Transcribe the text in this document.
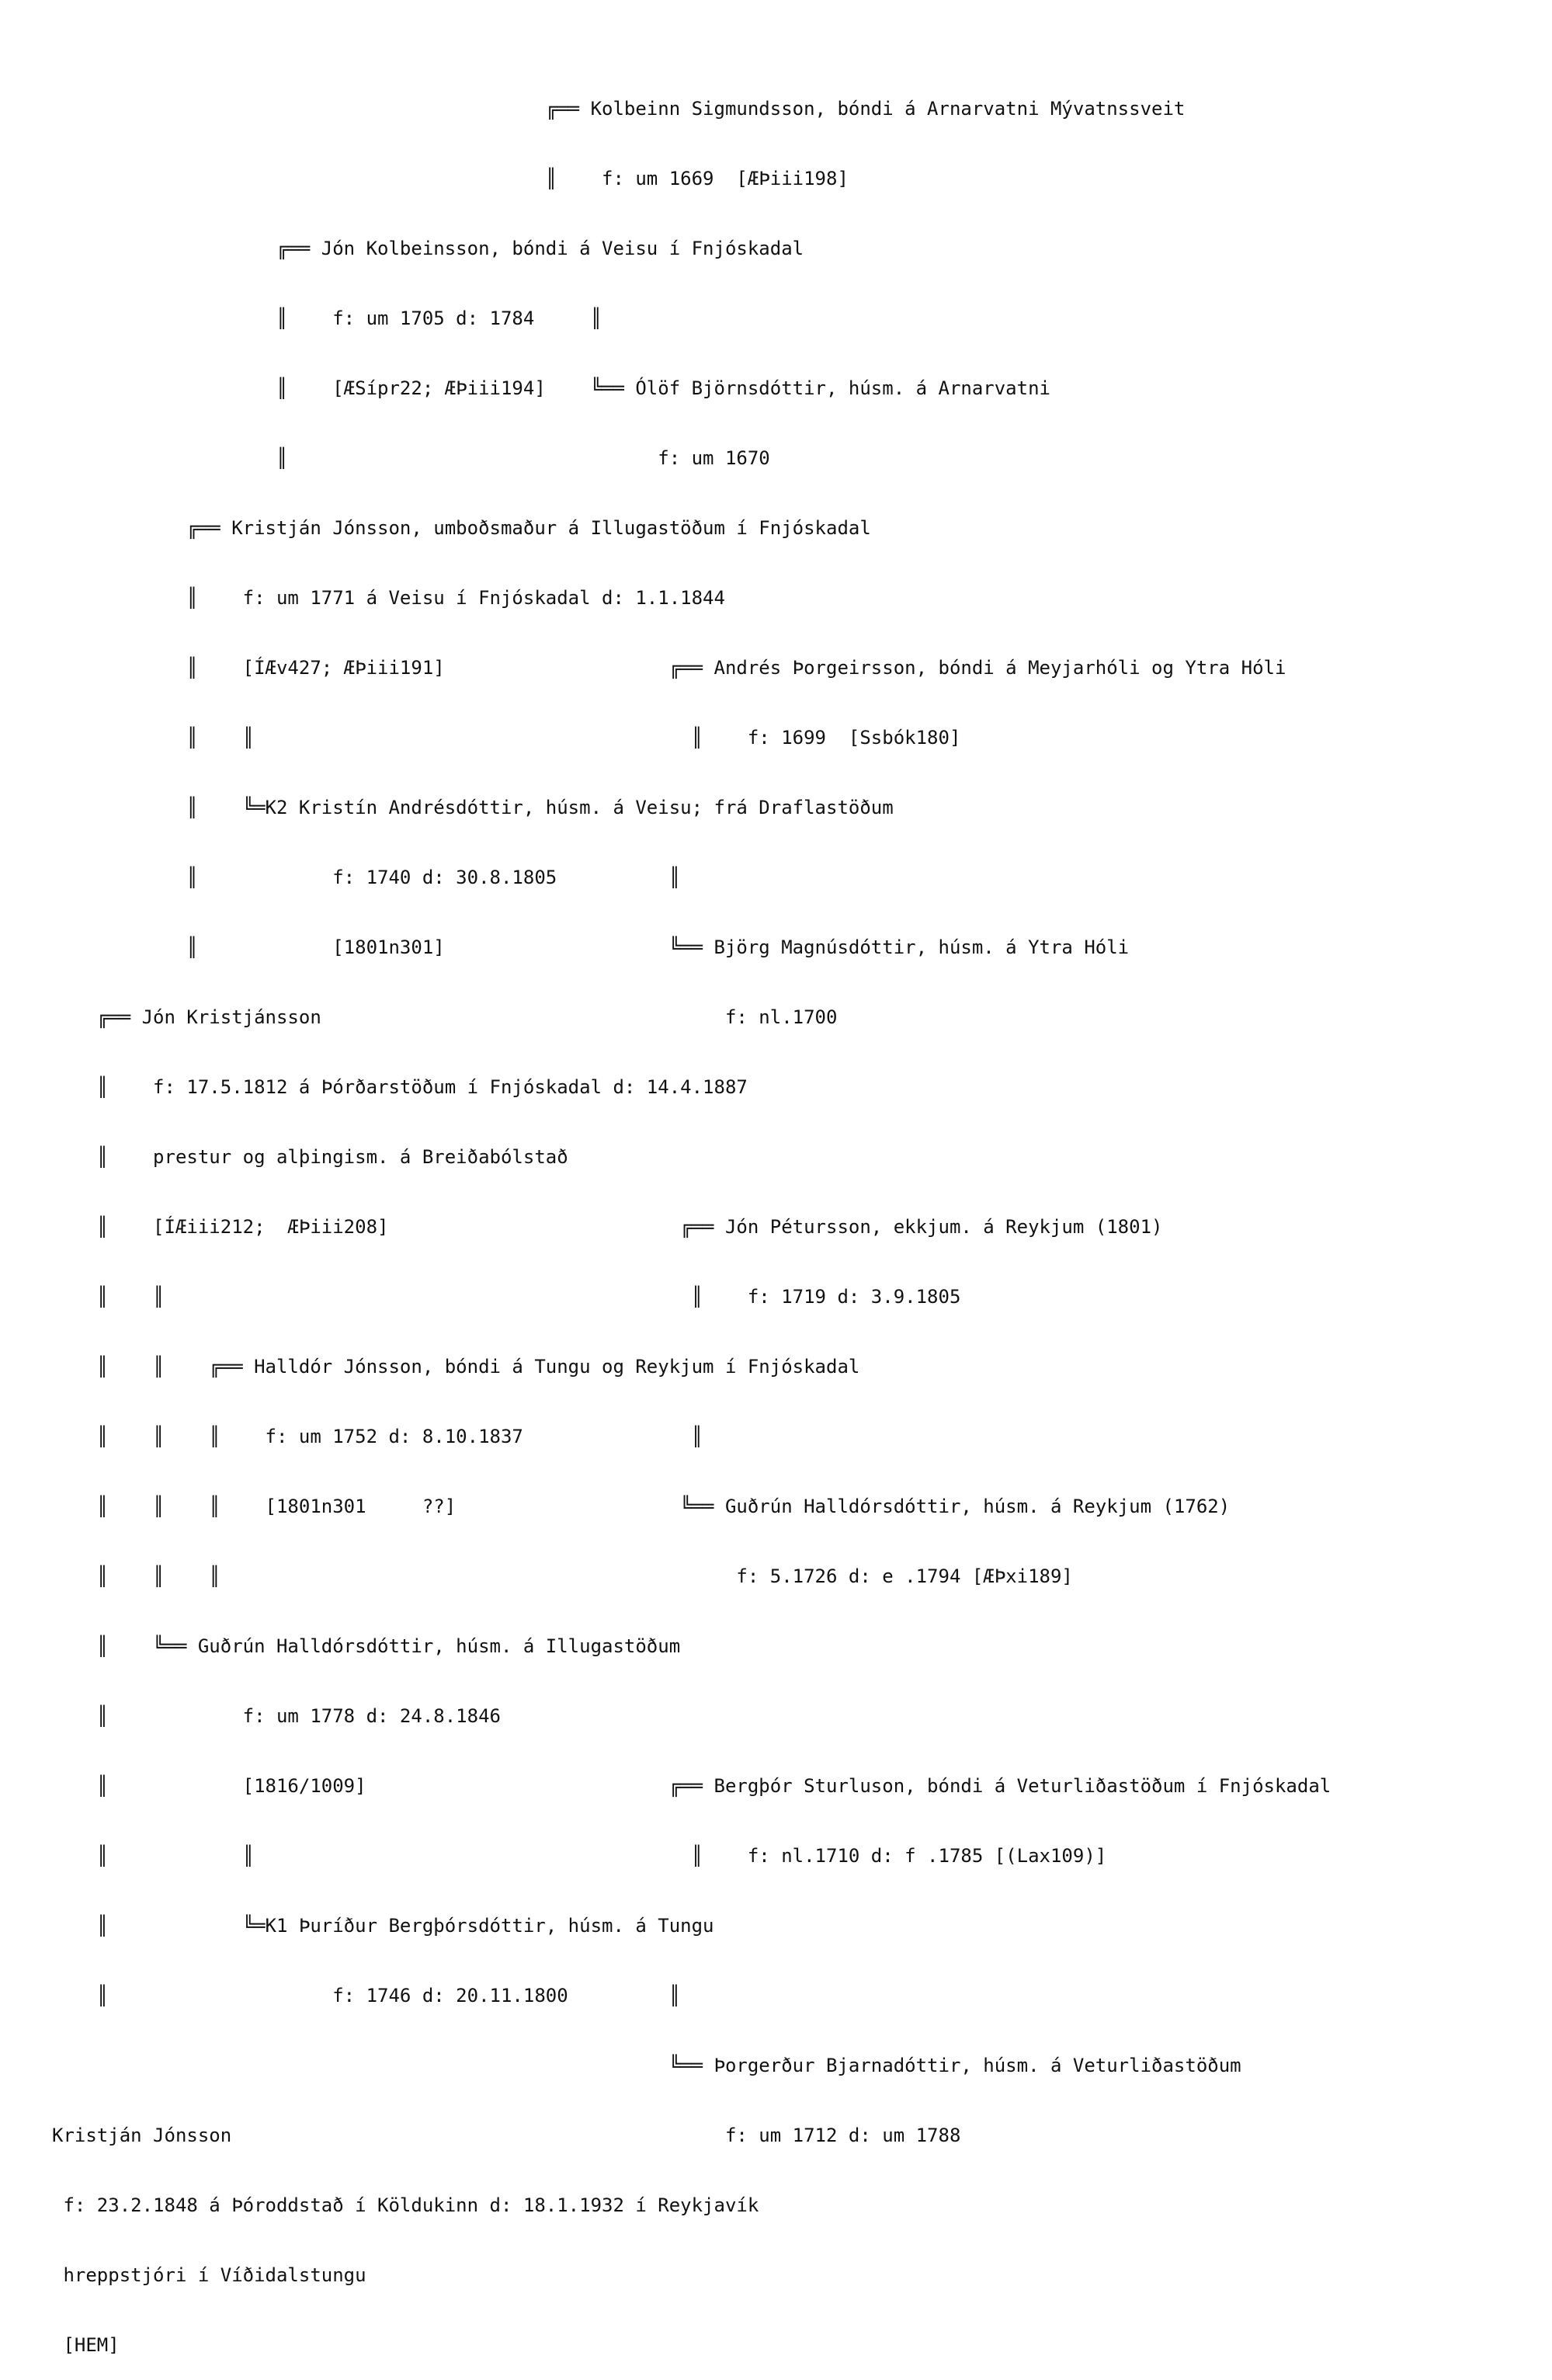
╔══ Kolbeinn Sigmundsson, bóndi á Arnarvatni Mývatnssveit

║    f: um 1669  [ÆÞiii198]

╔══ Jón Kolbeinsson, bóndi á Veisu í Fnjóskadal

║    f: um 1705 d: 1784     ║

║    [ÆSípr22; ÆÞiii194]    ╚══ Ólöf Björnsdóttir, húsm. á Arnarvatni

║                                 f: um 1670

╔══ Kristján Jónsson, umboðsmaður á Illugastöðum í Fnjóskadal

║    f: um 1771 á Veisu í Fnjóskadal d: 1.1.1844

║    [ÍÆv427; ÆÞiii191]                    ╔══ Andrés Þorgeirsson, bóndi á Meyjarhóli og Ytra Hóli

║    ║                                       ║    f: 1699  [Ssbók180]

║    ╚═K2 Kristín Andrésdóttir, húsm. á Veisu; frá Draflastöðum

║            f: 1740 d: 30.8.1805          ║

║            [1801n301]                    ╚══ Björg Magnúsdóttir, húsm. á Ytra Hóli

╔══ Jón Kristjánsson                                    f: nl.1700

║    f: 17.5.1812 á Þórðarstöðum í Fnjóskadal d: 14.4.1887

║    prestur og alþingism. á Breiðabólstað

║    [ÍÆiii212;  ÆÞiii208]                          ╔══ Jón Pétursson, ekkjum. á Reykjum (1801)

║    ║                                               ║    f: 1719 d: 3.9.1805

║    ║    ╔══ Halldór Jónsson, bóndi á Tungu og Reykjum í Fnjóskadal

║    ║    ║    f: um 1752 d: 8.10.1837               ║

║    ║    ║    [1801n301     ??]                    ╚══ Guðrún Halldórsdóttir, húsm. á Reykjum (1762)

║    ║    ║                                              f: 5.1726 d: e .1794 [ÆÞxi189]

║    ╚══ Guðrún Halldórsdóttir, húsm. á Illugastöðum

║            f: um 1778 d: 24.8.1846

║            [1816/1009]                           ╔══ Bergþór Sturluson, bóndi á Veturliðastöðum í Fnjóskadal

║            ║                                       ║    f: nl.1710 d: f .1785 [(Lax109)]

║            ╚═K1 Þuríður Bergþórsdóttir, húsm. á Tungu

║                    f: 1746 d: 20.11.1800         ║

╚══ Þorgerður Bjarnadóttir, húsm. á Veturliðastöðum

Kristján Jónsson                                            f: um 1712 d: um 1788

f: 23.2.1848 á Þóroddstað í Köldukinn d: 18.1.1932 í Reykjavík

hreppstjóri í Víðidalstungu

[HEM]
